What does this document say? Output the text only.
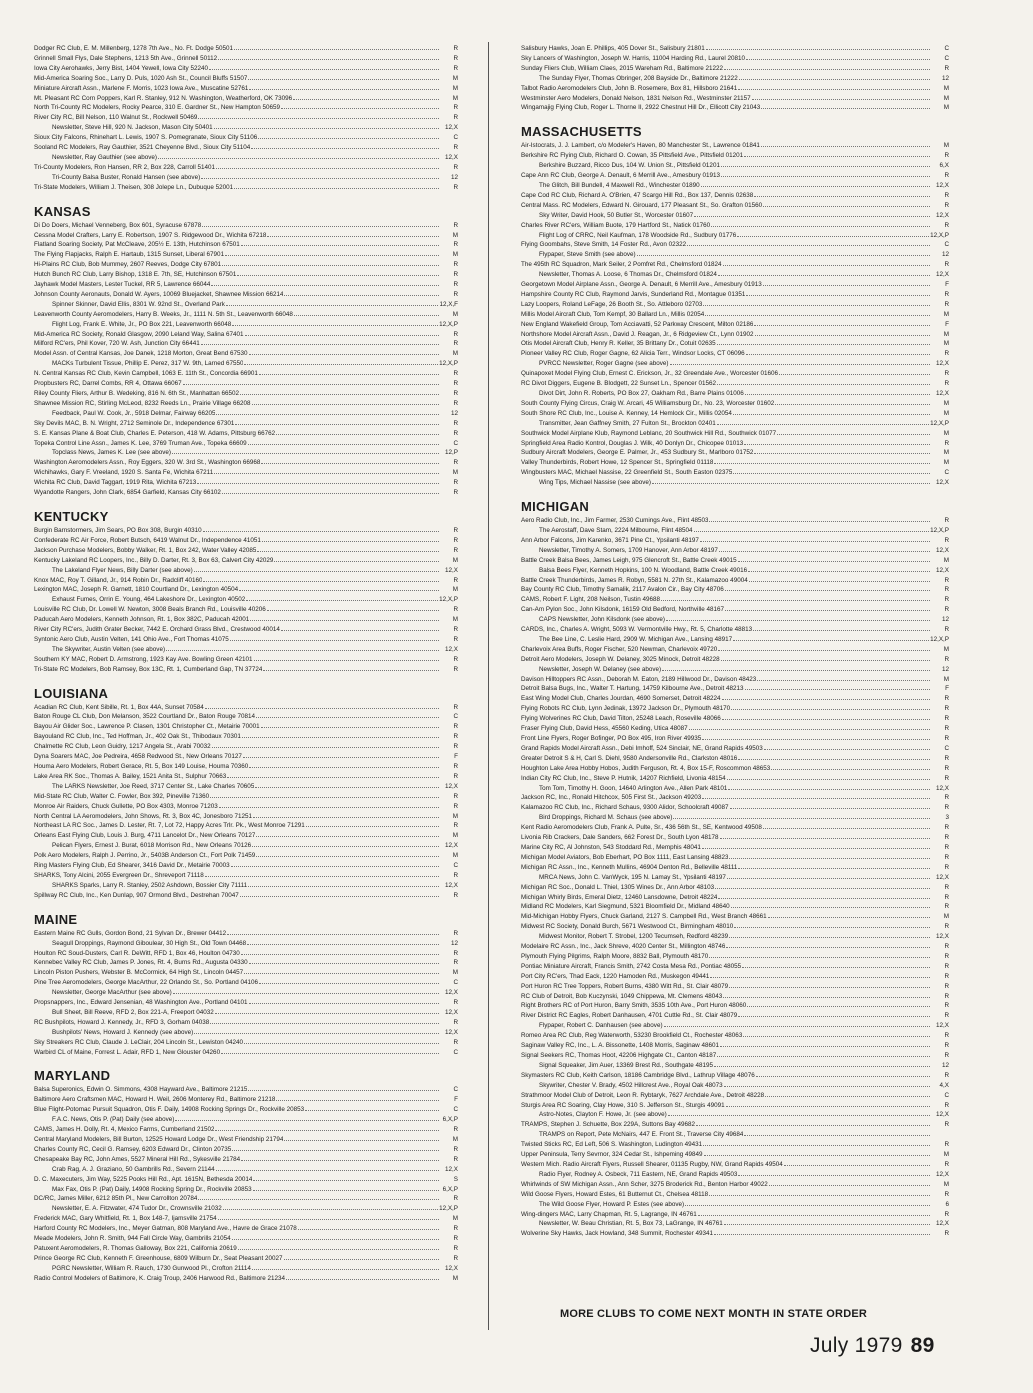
Dodger RC Club, E. M. Millenberg, 1278 7th Ave., No. Ft. Dodge 50501	R
Grinnell Small Flys, Dale Stephens, 1213 5th Ave., Grinnell 50112	R
Iowa City Aerohawks, Jerry Bist, 1404 Yewell, Iowa City 52240	R
Mid-America Soaring Soc., Larry D. Puls, 1020 Ash St., Council Bluffs 51507	M
Miniature Aircraft Assn., Marlene F. Morris, 1023 Iowa Ave., Muscatine 52761	M
Mt. Pleasant RC Corn Poppers, Karl R. Stanley, 912 N. Washington, Weatherford, OK 73096	M
North Tri-County RC Modelers, Rocky Pearce, 310 E. Gardner St., New Hampton 50659	R
River City RC, Bill Nelson, 110 Walnut St., Rockwell 50469	R
Newsletter, Steve Hill, 920 N. Jackson, Mason City 50401	12,X
Sioux City Falcons, Rhinehart L. Lewis, 1907 S. Pomegranate, Sioux City 51106	C
Sooland RC Modelers, Ray Gauthier, 3521 Cheyenne Blvd., Sioux City 51104	R
Newsletter, Ray Gauthier (see above)	12,X
Tri-County Modelers, Ron Hansen, RR 2, Box 228, Carroll 51401	R
Tri-County Balsa Buster, Ronald Hansen (see above)	12
Tri-State Modelers, William J. Theisen, 308 Jolepe Ln., Dubuque 52001	R
KANSAS
Di Do Doers, Michael Venneberg, Box 601, Syracuse 67878	R
Cessna Model Crafters, Larry E. Robertson, 1907 S. Ridgewood Dr., Wichita 67218	M
Flatland Soaring Society, Pat McCleave, 205½ E. 13th, Hutchinson 67501	R
The Flying Flapjacks, Ralph E. Hartaub, 1315 Sunset, Liberal 67901	M
Hi-Plains RC Club, Bob Mummey, 2607 Reeves, Dodge City 67801	R
Hutch Bunch RC Club, Larry Bishop, 1318 E. 7th, SE, Hutchinson 67501	R
Jayhawk Model Masters, Lester Tuckel, RR 5, Lawrence 66044	R
Johnson County Aeronauts, Donald W. Ayers, 10069 Bluejacket, Shawnee Mission 66214	R
Spinner Skinner, David Ellis, 8301 W. 92nd St., Overland Park	12,X,F
Leavenworth County Aeromodelers, Harry B. Weeks, Jr., 1111 N. 5th St., Leavenworth 66048	M
Flight Log, Frank E. White, Jr., PO Box 221, Leavenworth 66048	12,X,P
Mid-America RC Society, Ronald Glasgow, 2090 Leland Way, Salina 67401	R
Milford RC'ers, Phil Kover, 720 W. Ash, Junction City 66441	R
Model Assn. of Central Kansas, Joe Danek, 1218 Morton, Great Bend 67530	M
MACKs Turbulent Tissue, Phillip E. Perez, 317 W. 9th, Larned 67550	12,X,P
N. Central Kansas RC Club, Kevin Campbell, 1063 E. 11th St., Concordia 66901	R
Propbusters RC, Darrel Combs, RR 4, Ottawa 66067	R
Riley County Fliers, Arthur B. Wedeking, 816 N. 6th St., Manhattan 66502	R
Shawnee Mission RC, Stirling McLeod, 8232 Reeds Ln., Prairie Village 66208	R
Feedback, Paul W. Cook, Jr., 5918 Delmar, Fairway 66205	12
Sky Devils MAC, B. N. Wright, 2712 Seminole Dr., Independence 67301	R
S. E. Kansas Plane & Boat Club, Charles E. Peterson, 418 W. Adams, Pittsburg 66762	R
Topeka Control Line Assn., James K. Lee, 3769 Truman Ave., Topeka 66609	C
Topclass News, James K. Lee (see above)	12,P
Washington Aeromodelers Assn., Roy Eggers, 320 W. 3rd St., Washington 66968	R
Wichihawks, Gary F. Vreeland, 1920 S. Santa Fe, Wichita 67211	M
Wichita RC Club, David Taggart, 1919 Rita, Wichita 67213	R
Wyandotte Rangers, John Clark, 6854 Garfield, Kansas City 66102	R
KENTUCKY
Burgin Barnstormers, Jim Sears, PO Box 308, Burgin 40310	R
Confederate RC Air Force, Robert Butsch, 6419 Walnut Dr., Independence 41051	R
Jackson Purchase Modelers, Bobby Walker, Rt. 1, Box 242, Water Valley 42085	R
Kentucky Lakeland RC Loopers, Inc., Billy D. Darter, Rt. 3, Box 63, Calvert City 42029	M
The Lakeland Flyer News, Billy Darter (see above)	12,X
Knox MAC, Roy T. Gilland, Jr., 914 Robin Dr., Radcliff 40160	R
Lexington MAC, Joseph R. Garnett, 1810 Courtland Dr., Lexington 40504	M
Exhaust Fumes, Orrin E. Young, 464 Lakeshore Dr., Lexington 40502	12,X,P
Louisville RC Club, Dr. Lowell W. Newton, 3008 Beals Branch Rd., Louisville 40206	R
Paducah Aero Modelers, Kenneth Johnson, Rt. 1, Box 382C, Paducah 42001	M
River City RC'ers, Judith Grater Becker, 7442 E. Orchard Grass Blvd., Crestwood 40014	R
Syntonic Aero Club, Austin Velten, 141 Ohio Ave., Fort Thomas 41075	R
The Skywriter, Austin Velten (see above)	12,X
Southern KY MAC, Robert D. Armstrong, 1923 Kay Ave. Bowling Green 42101	R
Tri-State RC Modelers, Bob Ramsey, Box 13C, Rt. 1, Cumberland Gap, TN 37724	R
LOUISIANA
Acadian RC Club, Kent Sibille, Rt. 1, Box 44A, Sunset 70584	R
Baton Rouge CL Club, Don Melanson, 3522 Courtland Dr., Baton Rouge 70814	C
Bayou Air Glider Soc., Lawrence P. Clasen, 1301 Christopher Ct., Metairie 70001	R
Bayouland RC Club, Inc., Ted Hoffman, Jr., 402 Oak St., Thibodaux 70301	R
Chalmette RC Club, Leon Guidry, 1217 Angela St., Arabi 70032	R
Dyna Soarers MAC, Joe Pedreira, 4658 Redwood St., New Orleans 70127	F
Houma Aero Modelers, Robert Gerace, Rt. 5, Box 149 Louise, Houma 70360	R
Lake Area RK Soc., Thomas A. Bailey, 1521 Anita St., Sulphur 70663	R
The LARKS Newsletter, Joe Reed, 3717 Center St., Lake Charles 70605	12,X
Mid-State RC Club, Walter C. Fowler, Box 392, Pineville 71360	R
Monroe Air Raiders, Chuck Gullette, PO Box 4303, Monroe 71203	R
North Central LA Aeromodelers, John Shows, Rt. 3, Box 4C, Jonesboro 71251	M
Northeast LA RC Soc., James D. Lester, Rt. 7, Lot 72, Happy Acres Trlr. Pk., West Monroe 71291	R
Orleans East Flying Club, Louis J. Burg, 4711 Lancelot Dr., New Orleans 70127	M
Pelican Flyers, Ernest J. Burat, 6018 Morrison Rd., New Orleans 70126	12,X
Polk Aero Modelers, Ralph J. Perrino, Jr., 5403B Anderson Ct., Fort Polk 71459	M
Ring Masters Flying Club, Ed Shearer, 3416 David Dr., Metairie 70003	C
SHARKS, Tony Alcini, 2055 Evergreen Dr., Shreveport 71118	R
SHARKS Sparks, Larry R. Stanley, 2502 Ashdown, Bossier City 71111	12,X
Spillway RC Club, Inc., Ken Dunlap, 907 Ormond Blvd., Destrehan 70047	R
MAINE
Eastern Maine RC Gulls, Gordon Bond, 21 Sylvan Dr., Brewer 04412	R
Seagull Droppings, Raymond Giboulear, 30 High St., Old Town 04468	12
Houlton RC Soud-Dusters, Carl R. DeWitt, RFD 1, Box 46, Houlton 04730	R
Kennebec Valley RC Club, James P. Jones, Rt. 4, Burns Rd., Augusta 04330	R
Lincoln Piston Pushers, Webster B. McCormick, 64 High St., Lincoln 04457	M
Pine Tree Aeromodelers, George MacArthur, 22 Orlando St., So. Portland 04106	C
Newsletter, George MacArthur (see above)	12,X
Propsnappers, Inc., Edward Jensenian, 48 Washington Ave., Portland 04101	R
Bull Sheet, Bill Reeve, RFD 2, Box 221-A, Freeport 04032	12,X
RC Bushpilots, Howard J. Kennedy, Jr., RFD 3, Gorham 04038	R
Bushpilots' News, Howard J. Kennedy (see above)	12,X
Sky Streakers RC Club, Claude J. LeClair, 204 Lincoln St., Lewiston 04240	R
Warbird CL of Maine, Forrest L. Adair, RFD 1, New Glouster 04260	C
MARYLAND
Balsa Superonics, Edwin O. Simmons, 4308 Hayward Ave., Baltimore 21215	C
Baltimore Aero Craftsmen MAC, Howard H. Weil, 2606 Monterey Rd., Baltimore 21218	F
Blue Flight-Potomac Pursuit Squadron, Otis F. Daily, 14908 Rocking Springs Dr., Rockville 20853	C
F.A.C. News, Otis P. (Pat) Daily (see above)	6,X,P
CAMS, James H. Dolly, Rt. 4, Mexico Farms, Cumberland 21502	R
Central Maryland Modelers, Bill Burton, 12525 Howard Lodge Dr., West Friendship 21794	M
Charles County RC, Cecil G. Ramsey, 6203 Edward Dr., Clinton 20735	R
Chesapeake Bay RC, John Ames, 5527 Mineral Hill Rd., Sykesville 21784	R
Crab Rag, A. J. Graziano, 50 Gambrills Rd., Severn 21144	12,X
D. C. Maxecuters, Jim Way, 5225 Pooks Hill Rd., Apt. 1615N, Bethesda 20014	S
Max Fax, Otis P. (Pat) Daily, 14908 Rocking Spring Dr., Rockville 20853	6,X,P
DC/RC, James Miller, 6212 85th Pl., New Carrollton 20784	R
Newsletter, E. A. Fitzwater, 474 Tudor Dr., Crownsville 21032	12,X,P
Frederick MAC, Gary Whitfield, Rt. 1, Box 148-7, Ijamsville 21754	M
Harford County RC Modelers, Inc., Meyer Gatman, 808 Maryland Ave., Havre de Grace 21078	R
Meade Modelers, John R. Smith, 944 Fall Circle Way, Gambrills 21054	R
Patuxent Aeromodelers, R. Thomas Galloway, Box 221, California 20619	R
Prince George RC Club, Kenneth F. Greenhouse, 6809 Wilburn Dr., Seat Pleasant 20027	R
PGRC Newsletter, William R. Rauch, 1730 Gunwood Pl., Crofton 21114	12,X
Radio Control Modelers of Baltimore, K. Craig Troup, 2406 Harwood Rd., Baltimore 21234	M
Salisbury Hawks, Joan E. Phillips, 405 Dover St., Salisbury 21801	C
Sky Lancers of Washington, Joseph W. Harris, 11004 Harding Rd., Laurel 20810	C
Sunday Fliers Club, William Claes, 2015 Wareham Rd., Baltimore 21222	R
The Sunday Flyer, Thomas Obringer, 208 Bayside Dr., Baltimore 21222	12
Talbot Radio Aeromodelers Club, John B. Rosemere, Box 81, Hillsboro 21641	M
Westminster Aero Modelers, Donald Nelson, 1831 Nelson Rd., Westminster 21157	M
Wingamajig Flying Club, Roger L. Thorne II, 2922 Chestnut Hill Dr., Ellicott City 21043	M
MASSACHUSETTS
Air-Istocrats, J. J. Lambert, c/o Modeler's Haven, 80 Manchester St., Lawrence 01841	M
Berkshire RC Flying Club, Richard O. Cowan, 35 Pittsfield Ave., Pittsfield 01201	R
Berkshire Buzzard, Ricco Dus, 104 W. Union St., Pittsfield 01201	6,X
Cape Ann RC Club, George A. Denault, 6 Merrill Ave., Amesbury 01913	R
The Glitch, Bill Bundell, 4 Maxwell Rd., Winchester 01890	12,X
Cape Cod RC Club, Richard A. O'Brien, 47 Scargo Hill Rd., Box 137, Dennis 02638	R
Central Mass. RC Modelers, Edward N. Girouard, 177 Pleasant St., So. Grafton 01560	R
Sky Writer, David Hook, 50 Butler St., Worcester 01607	12,X
Charles River RC'ers, William Buote, 179 Hartford St., Natick 01760	R
Flight Log of CRRC, Neil Kaufman, 178 Woodside Rd., Sudbury 01776	12,X,P
Flying Goombahs, Steve Smith, 14 Foster Rd., Avon 02322	C
Flypaper, Steve Smith (see above)	12
The 495th RC Squadron, Mark Seiler, 2 Pomfret Rd., Chelmsford 01824	R
Newsletter, Thomas A. Loose, 6 Thomas Dr., Chelmsford 01824	12,X
Georgetown Model Airplane Assn., George A. Denault, 6 Merrill Ave., Amesbury 01913	F
Hampshire County RC Club, Raymond Jarvis, Sunderland Rd., Montague 01351	R
Lazy Loopers, Roland LeFage, 26 Booth St., So. Attleboro 02703	R
Millis Model Aircraft Club, Tom Kempf, 30 Ballard Ln., Millis 02054	M
New England Wakefield Group, Tom Acciavatti, 52 Parkway Crescent, Milton 02186	F
Northshore Model Aircraft Assn., David J. Reagan, Jr., 6 Ridgeview Ct., Lynn 01902	M
Otis Model Aircraft Club, Henry R. Keller, 35 Brittany Dr., Cotuit 02635	M
Pioneer Valley RC Club, Roger Gagne, 62 Alicia Terr., Windsor Locks, CT 06096	R
PVRCC Newsletter, Roger Gagne (see above)	12,X
Quinapoxet Model Flying Club, Ernest C. Erickson, Jr., 32 Greendale Ave., Worcester 01606	R
RC Divot Diggers, Eugene B. Blodgett, 22 Sunset Ln., Spencer 01562	R
Divot Dirt, John R. Roberts, PO Box 27, Oakham Rd., Barre Plains 01006	12,X
South County Flying Circus, Craig W. Arcari, 45 Williamsburg Dr., No. 23, Worcester 01602	M
South Shore RC Club, Inc., Louise A. Kenney, 14 Hemlock Cir., Millis 02054	M
Transmitter, Jean Gaffney Smith, 27 Fulton St., Brockton 02401	12,X,P
Southwick Model Airplane Klub, Raymond Leblanc, 20 Southwick Hill Rd., Southwick 01077	M
Springfield Area Radio Kontrol, Douglas J. Wilk, 40 Donlyn Dr., Chicopee 01013	R
Sudbury Aircraft Modelers, George E. Palmer, Jr., 453 Sudbury St., Marlboro 01752	M
Valley Thunderbirds, Robert Howe, 12 Spencer St., Springfield 01118	M
Wingbusters MAC, Michael Nassise, 22 Greenfield St., South Easton 02375	C
Wing Tips, Michael Nassise (see above)	12,X
MICHIGAN
Aero Radio Club, Inc., Jim Farmer, 2530 Cumings Ave., Flint 48503	R
The Aerostaff, Dave Stam, 2224 Milbourne, Flint 48504	12,X,P
Ann Arbor Falcons, Jim Karenko, 3671 Pine Ct., Ypsilanti 48197	R
Newsletter, Timothy A. Somers, 1709 Hanover, Ann Arbor 48197	12,X
Battle Creek Balsa Bees, James Leigh, 975 Glencroft St., Battle Creek 49015	M
Balsa Bees Flyer, Kenneth Hopkins, 100 N. Woodland, Battle Creek 49016	12,X
Battle Creek Thunderbirds, James R. Robyn, 5581 N. 27th St., Kalamazoo 49004	R
Bay County RC Club, Timothy Samalik, 2117 Avalon Cir., Bay City 48706	R
CAMS, Robert F. Light, 208 Neilson, Tustin 49688	R
Can-Am Pylon Soc., John Kilsdonk, 16159 Old Bedford, Northville 48167	R
CAPS Newsletter, John Kilsdonk (see above)	12
CARDS, Inc., Charles A. Wright, 5093 W. Vermontville Hwy., Rt. 5, Charlotte 48813	R
The Bee Line, C. Leslie Hard, 2909 W. Michigan Ave., Lansing 48917	12,X,P
Charlevoix Area Buffs, Roger Fischer, 520 Newman, Charlevoix 49720	M
Detroit Aero Modelers, Joseph W. Delaney, 3025 Minock, Detroit 48228	R
Newsletter, Joseph W. Delaney (see above)	12
Davison Hilltoppers RC Assn., Deborah M. Eaton, 2189 Hillwood Dr., Davison 48423	M
Detroit Balsa Bugs, Inc., Walter T. Hartung, 14759 Kilbourne Ave., Detroit 48213	F
East Wing Model Club, Charles Jourdan, 4690 Somerset, Detroit 48224	R
Flying Robots RC Club, Lynn Jedinak, 13972 Jackson Dr., Plymouth 48170	R
Flying Wolverines RC Club, David Tilton, 25248 Leach, Roseville 48066	R
Fraser Flying Club, David Hess, 45560 Keding, Utica 48087	R
Front Line Flyers, Roger Bofinger, PO Box 495, Iron River 49935	R
Grand Rapids Model Aircraft Assn., Debi Imhoff, 524 Sinclair, NE, Grand Rapids 49503	C
Greater Detroit S & H, Carl S. Diehl, 9580 Andersonville Rd., Clarkston 48016	R
Houghton Lake Area Hobby Hobos, Judith Ferguson, Rt. 4, Box 15-F, Roscommon 48653	R
Indian City RC Club, Inc., Steve P. Hutnik, 14207 Richfield, Livonia 48154	R
Tom Tom, Timothy H. Goon, 14640 Arlington Ave., Allen Park 48101	12,X
Jackson RC, Inc., Ronald Hitchcox, 505 First St., Jackson 49203	R
Kalamazoo RC Club, Inc., Richard Schaus, 9300 Alidor, Schoolcraft 49087	R
Bird Droppings, Richard M. Schaus (see above)	3
Kent Radio Aeromodelers Club, Frank A. Pulte, Sr., 436 56th St., SE, Kentwood 49508	R
Livonia Rib Crackers, Dale Sanders, 662 Forest Dr., South Lyon 48178	R
Marine City RC, Al Johnston, 543 Stoddard Rd., Memphis 48041	R
Michigan Model Aviators, Bob Eberhart, PO Box 1111, East Lansing 48823	R
Michigan RC Assn., Inc., Kenneth Mullins, 46904 Denton Rd., Belleville 48111	R
MRCA News, John C. VanWyck, 195 N. Lamay St., Ypsilanti 48197	12,X
Michigan RC Soc., Donald L. Thiel, 1305 Wines Dr., Ann Arbor 48103	R
Michigan Whirly Birds, Emeral Dietz, 12460 Lansdowne, Detroit 48224	R
Midland RC Modelers, Karl Siegmund, 5321 Bloomfield Dr., Midland 48640	R
Mid-Michigan Hobby Flyers, Chuck Garland, 2127 S. Campbell Rd., West Branch 48661	M
Midwest RC Society, Donald Burch, 5671 Westwood Ct., Birmingham 48010	R
Midwest Monitor, Robert T. Strobel, 1200 Tecumseh, Redford 48239	12,X
Modelaire RC Assn., Inc., Jack Shreve, 4020 Center St., Millington 48746	R
Plymouth Flying Pilgrims, Ralph Moore, 8832 Ball, Plymouth 48170	R
Pontiac Miniature Aircraft, Francis Smith, 2742 Costa Mesa Rd., Pontiac 48055	R
Port City RC'ers, Thad Eack, 1220 Hamoden Rd., Muskegon 49441	R
Port Huron RC Tree Toppers, Robert Burns, 4380 Witt Rd., St. Clair 48079	R
RC Club of Detroit, Bob Kuczynski, 1049 Chippewa, Mt. Clemens 48043	R
Right Brothers RC of Port Huron, Barry Smith, 3535 10th Ave., Port Huron 48060	R
River District RC Eagles, Robert Danhausen, 4701 Cuttle Rd., St. Clair 48079	R
Flypaper, Robert C. Danhausen (see above)	12,X
Romeo Area RC Club, Reg Waterworth, 53230 Brookfield Ct., Rochester 48063	R
Saginaw Valley RC, Inc., L. A. Bissonette, 1408 Morris, Saginaw 48601	R
Signal Seekers RC, Thomas Hoot, 42206 Highgate Ct., Canton 48187	R
Signal Squeaker, Jim Auer, 13369 Brest Rd., Southgate 48195	12
Skymasters RC Club, Keith Carlson, 18186 Cambridge Blvd., Lathrup Village 48076	R
Skywriter, Chester V. Brady, 4502 Hillcrest Ave., Royal Oak 48073	4,X
Strathmoor Model Club of Detroit, Leon R. Rybtaryk, 7627 Archdale Ave., Detroit 48228	C
Sturgis Area RC Soaring, Clay Howe, 310 S. Jefferson St., Sturgis 49091	R
Astro-Notes, Clayton F. Howe, Jr. (see above)	12,X
TRAMPS, Stephen J. Schuette, Box 229A, Suttons Bay 49682	R
TRAMPS on Report, Pete McNairs, 447 E. Front St., Traverse City 49684
Twisted Sticks RC, Ed Left, 506 S. Washington, Ludington 49431	R
Upper Peninsula, Terry Sevrnor, 324 Cedar St., Ishpeming 49849	M
Western Mich. Radio Aircraft Flyers, Russell Shearer, 01135 Rugby, NW, Grand Rapids 49504	R
Radio Flyer, Rodney A. Osbeck, 711 Eastern, NE, Grand Rapids 49503	12,X
Whirlwinds of SW Michigan Assn., Ann Scher, 3275 Broderick Rd., Benton Harbor 49022	M
Wild Goose Flyers, Howard Estes, 61 Butternut Ct., Chelsea 48118	R
The Wild Goose Flyer, Howard P. Estes (see above)	6
Wing-dingers MAC, Larry Chapman, Rt. 5, Lagrange, IN 46761	R
Newsletter, W. Beau Christian, Rt. 5, Box 73, LaGrange, IN 46761	12,X
Wolverine Sky Hawks, Jack Howland, 348 Summit, Rochester 49341	R
MORE CLUBS TO COME NEXT MONTH IN STATE ORDER
July 1979 89
